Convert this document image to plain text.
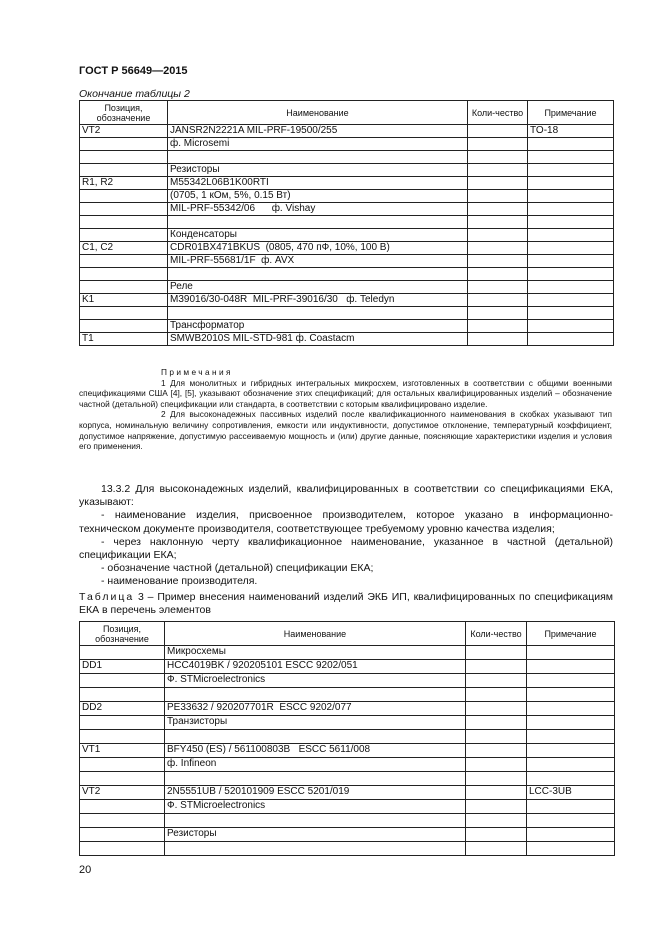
ГОСТ Р 56649—2015
Окончание таблицы 2
Позиция, обозначение	Наименование	Коли-чество	Примечание
VT2	JANSR2N2221A MIL-PRF-19500/255		TO-18
	ф. Microsemi		

	Резисторы		
R1, R2	M55342L06B1K00RTI		
	(0705, 1 кОм, 5%, 0.15 Вт)		
	MIL-PRF-55342/06      ф. Vishay		

	Конденсаторы		
C1, C2	CDR01BX471BKUS  (0805, 470 пФ, 10%, 100 В)		
	MIL-PRF-55681/1F  ф. AVX		

	Реле		
K1	M39016/30-048R  MIL-PRF-39016/30   ф. Teledyn		

	Трансформатор		
T1	SMWB2010S MIL-STD-981 ф. Coastacm		

Примечания

1 Для монолитных и гибридных интегральных микросхем, изготовленных в соответствии с общими военными спецификациями США [4], [5], указывают обозначение этих спецификаций; для остальных квалифицированных изделий – обозначение частной (детальной) спецификации или стандарта, в соответствии с которым квалифицировано изделие.

2 Для высоконадежных пассивных изделий после квалификационного наименования в скобках указывают тип корпуса, номинальную величину сопротивления, емкости или индуктивности, допустимое отклонение, температурный коэффициент, допустимое напряжение, допустимую рассеиваемую мощность и (или) другие данные, поясняющие характеристики изделия и условия его применения.

13.3.2 Для высоконадежных изделий, квалифицированных в соответствии со спецификациями ЕКА, указывают:

- наименование изделия, присвоенное производителем, которое указано в информационно-техническом документе производителя, соответствующее требуемому уровню качества изделия;

- через наклонную черту квалификационное наименование, указанное в частной (детальной) спецификации ЕКА;

- обозначение частной (детальной) спецификации ЕКА;

- наименование производителя.

Таблица 3 – Пример внесения наименований изделий ЭКБ ИП, квалифицированных по спецификациям ЕКА в перечень элементов
Позиция, обозначение	Наименование	Коли-чество	Примечание
	Микросхемы		
DD1	HCC4019BK / 920205101 ESCC 9202/051		
	Ф. STMicroelectronics		

DD2	PE33632 / 920207701R  ESCC 9202/077		
	Транзисторы		

VT1	BFY450 (ES) / 561100803B   ESCC 5611/008		
	ф. Infineon		

VT2	2N5551UB / 520101909 ESCC 5201/019		LCC-3UB
	Ф. STMicroelectronics		

	Резисторы		

20
